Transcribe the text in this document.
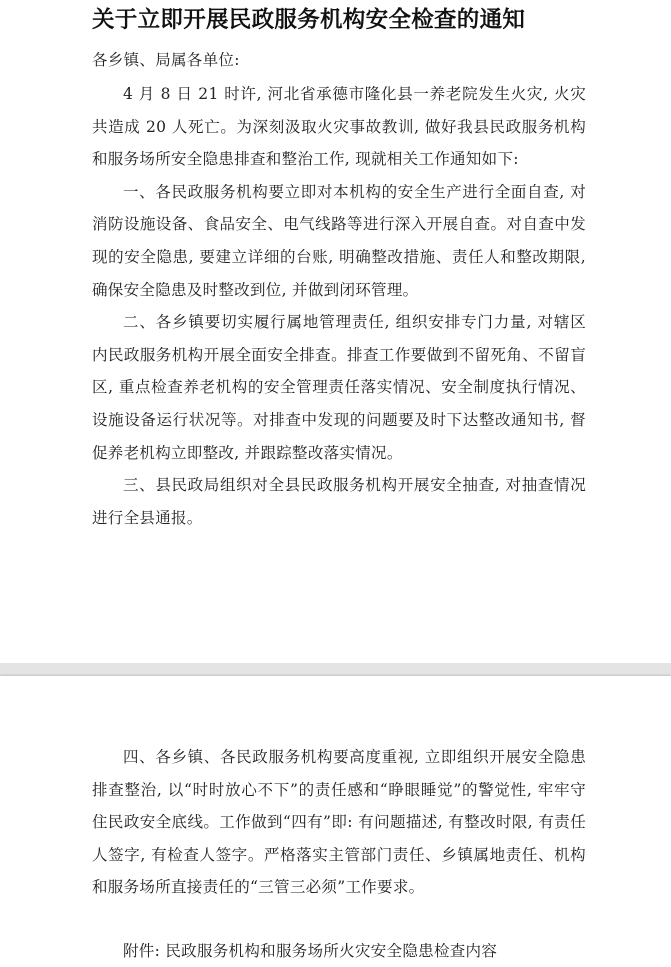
关于立即开展民政服务机构安全检查的通知
各乡镇、局属各单位:

4 月 8 日 21 时许, 河北省承德市隆化县一养老院发生火灾, 火灾共造成 20 人死亡。为深刻汲取火灾事故教训, 做好我县民政服务机构和服务场所安全隐患排查和整治工作, 现就相关工作通知如下:

一、各民政服务机构要立即对本机构的安全生产进行全面自查, 对消防设施设备、食品安全、电气线路等进行深入开展自查。对自查中发现的安全隐患, 要建立详细的台账, 明确整改措施、责任人和整改期限, 确保安全隐患及时整改到位, 并做到闭环管理。

二、各乡镇要切实履行属地管理责任, 组织安排专门力量, 对辖区内民政服务机构开展全面安全排查。排查工作要做到不留死角、不留盲区, 重点检查养老机构的安全管理责任落实情况、安全制度执行情况、设施设备运行状况等。对排查中发现的问题要及时下达整改通知书, 督促养老机构立即整改, 并跟踪整改落实情况。

三、县民政局组织对全县民政服务机构开展安全抽查, 对抽查情况进行全县通报。

四、各乡镇、各民政服务机构要高度重视, 立即组织开展安全隐患排查整治, 以“时时放心不下”的责任感和“睁眼睡觉”的警觉性, 牢牢守住民政安全底线。工作做到“四有”即: 有问题描述, 有整改时限, 有责任人签字, 有检查人签字。严格落实主管部门责任、乡镇属地责任、机构和服务场所直接责任的“三管三必须”工作要求。

附件: 民政服务机构和服务场所火灾安全隐患检查内容
